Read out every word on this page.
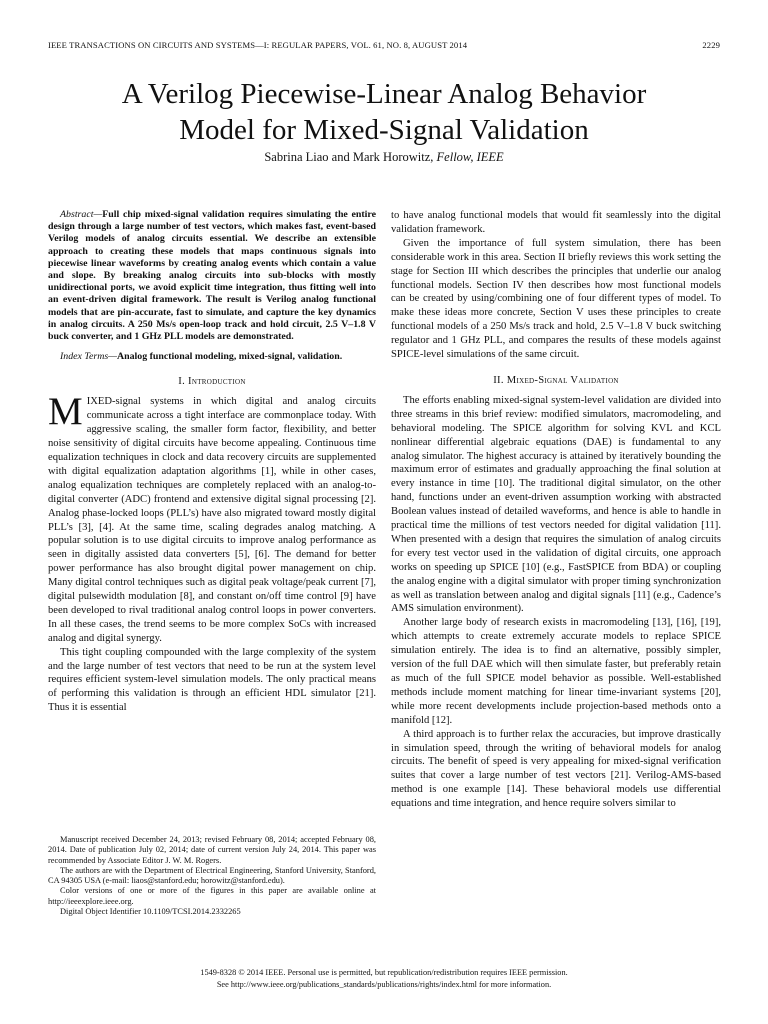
IEEE TRANSACTIONS ON CIRCUITS AND SYSTEMS—I: REGULAR PAPERS, VOL. 61, NO. 8, AUGUST 2014	2229
A Verilog Piecewise-Linear Analog Behavior
Model for Mixed-Signal Validation
Sabrina Liao and Mark Horowitz, Fellow, IEEE

Abstract—Full chip mixed-signal validation requires simulating the entire design through a large number of test vectors, which makes fast, event-based Verilog models of analog circuits essential. We describe an extensible approach to creating these models that maps continuous signals into piecewise linear waveforms by creating analog events which contain a value and slope. By breaking analog circuits into sub-blocks with mostly unidirectional ports, we avoid explicit time integration, thus fitting well into an event-driven digital framework. The result is Verilog analog functional models that are pin-accurate, fast to simulate, and capture the key dynamics in analog circuits. A 250 Ms/s open-loop track and hold circuit, 2.5 V–1.8 V buck converter, and 1 GHz PLL models are demonstrated.

Index Terms—Analog functional modeling, mixed-signal, validation.

I. Introduction

MIXED-signal systems in which digital and analog circuits communicate across a tight interface are commonplace today. With aggressive scaling, the smaller form factor, flexibility, and better noise sensitivity of digital circuits have become appealing. Continuous time equalization techniques in clock and data recovery circuits are supplemented with digital equalization adaptation algorithms [1], while in other cases, analog equalization techniques are completely replaced with an analog-to-digital converter (ADC) frontend and extensive digital signal processing [2]. Analog phase-locked loops (PLL’s) have also migrated toward mostly digital PLL’s [3], [4]. At the same time, scaling degrades analog matching. A popular solution is to use digital circuits to improve analog performance as seen in digitally assisted data converters [5], [6]. The demand for better power performance has also brought digital power management on chip. Many digital control techniques such as digital peak voltage/peak current [7], digital pulsewidth modulation [8], and constant on/off time control [9] have been developed to rival traditional analog control loops in power converters. In all these cases, the trend seems to be more complex SoCs with increased analog and digital synergy.

This tight coupling compounded with the large complexity of the system and the large number of test vectors that need to be run at the system level requires efficient system-level simulation models. The only practical means of performing this validation is through an efficient HDL simulator [21]. Thus it is essential

Manuscript received December 24, 2013; revised February 08, 2014; accepted February 08, 2014. Date of publication July 02, 2014; date of current version July 24, 2014. This paper was recommended by Associate Editor J. W. M. Rogers.

The authors are with the Department of Electrical Engineering, Stanford University, Stanford, CA 94305 USA (e-mail: liaos@stanford.edu; horowitz@stanford.edu).

Color versions of one or more of the figures in this paper are available online at http://ieeexplore.ieee.org.

Digital Object Identifier 10.1109/TCSI.2014.2332265

to have analog functional models that would fit seamlessly into the digital validation framework.

Given the importance of full system simulation, there has been considerable work in this area. Section II briefly reviews this work setting the stage for Section III which describes the principles that underlie our analog functional models. Section IV then describes how most functional models can be created by using/combining one of four different types of model. To make these ideas more concrete, Section V uses these principles to create functional models of a 250 Ms/s track and hold, 2.5 V–1.8 V buck switching regulator and 1 GHz PLL, and compares the results of these models against SPICE-level simulations of the same circuit.

II. Mixed-Signal Validation

The efforts enabling mixed-signal system-level validation are divided into three streams in this brief review: modified simulators, macromodeling, and behavioral modeling. The SPICE algorithm for solving KVL and KCL nonlinear differential algebraic equations (DAE) is fundamental to any analog simulator. The highest accuracy is attained by iteratively bounding the maximum error of estimates and gradually approaching the final solution at every instance in time [10]. The traditional digital simulator, on the other hand, functions under an event-driven assumption working with abstracted Boolean values instead of detailed waveforms, and hence is able to handle in practical time the millions of test vectors needed for digital validation [11]. When presented with a design that requires the simulation of analog circuits for every test vector used in the validation of digital circuits, one approach works on speeding up SPICE [10] (e.g., FastSPICE from BDA) or coupling the analog engine with a digital simulator with proper timing synchronization as well as translation between analog and digital signals [11] (e.g., Cadence’s AMS simulation environment).

Another large body of research exists in macromodeling [13], [16], [19], which attempts to create extremely accurate models to replace SPICE simulation entirely. The idea is to find an alternative, possibly simpler, version of the full DAE which will then simulate faster, but preferably retain as much of the full SPICE model behavior as possible. Well-established methods include moment matching for linear time-invariant systems [20], while more recent developments include projection-based methods onto a manifold [12].

A third approach is to further relax the accuracies, but improve drastically in simulation speed, through the writing of behavioral models for analog circuits. The benefit of speed is very appealing for mixed-signal verification suites that cover a large number of test vectors [21]. Verilog-AMS-based method is one example [14]. These behavioral models use differential equations and time integration, and hence require solvers similar to

1549-8328 © 2014 IEEE. Personal use is permitted, but republication/redistribution requires IEEE permission.
See http://www.ieee.org/publications_standards/publications/rights/index.html for more information.
